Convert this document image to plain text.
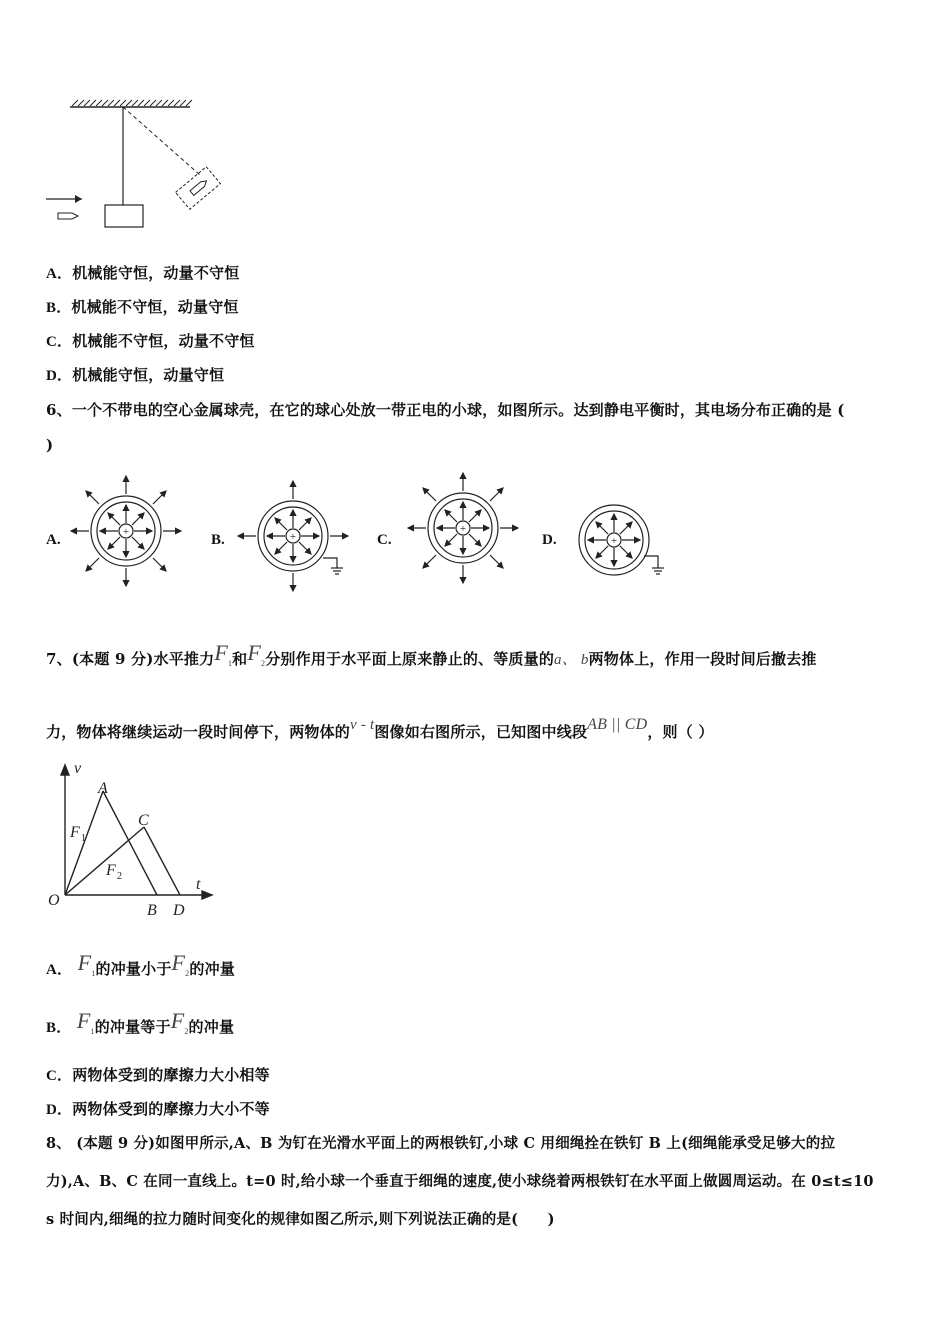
A．机械能守恒，动量不守恒
B．机械能不守恒，动量守恒
C．机械能不守恒，动量不守恒
D．机械能守恒，动量守恒
6、一个不带电的空心金属球壳，在它的球心处放一带正电的小球，如图所示。达到静电平衡时，其电场分布正确的是 (
)
A.	B.	C.	D.
+	+
+
+
7、(本题 9 分)水平推力$F_1$和$F_2$分别作用于水平面上原来静止的、等质量的a、 b两物体上，作用一段时间后撤去推
力，物体将继续运动一段时间停下，两物体的v - t图像如右图所示，已知图中线段AB || CD，则（ ）
v
t
O
A
B
C
D
F 1
F 2
A． $F_1$的冲量小于$F_2$的冲量
B． $F_1$的冲量等于$F_2$的冲量
C．两物体受到的摩擦力大小相等
D．两物体受到的摩擦力大小不等
8、 (本题 9 分)如图甲所示,A、B 为钉在光滑水平面上的两根铁钉,小球 C 用细绳拴在铁钉 B 上(细绳能承受足够大的拉
力),A、B、C 在同一直线上。t=0 时,给小球一个垂直于细绳的速度,使小球绕着两根铁钉在水平面上做圆周运动。在 0≤t≤10
s 时间内,细绳的拉力随时间变化的规律如图乙所示,则下列说法正确的是(　　)
